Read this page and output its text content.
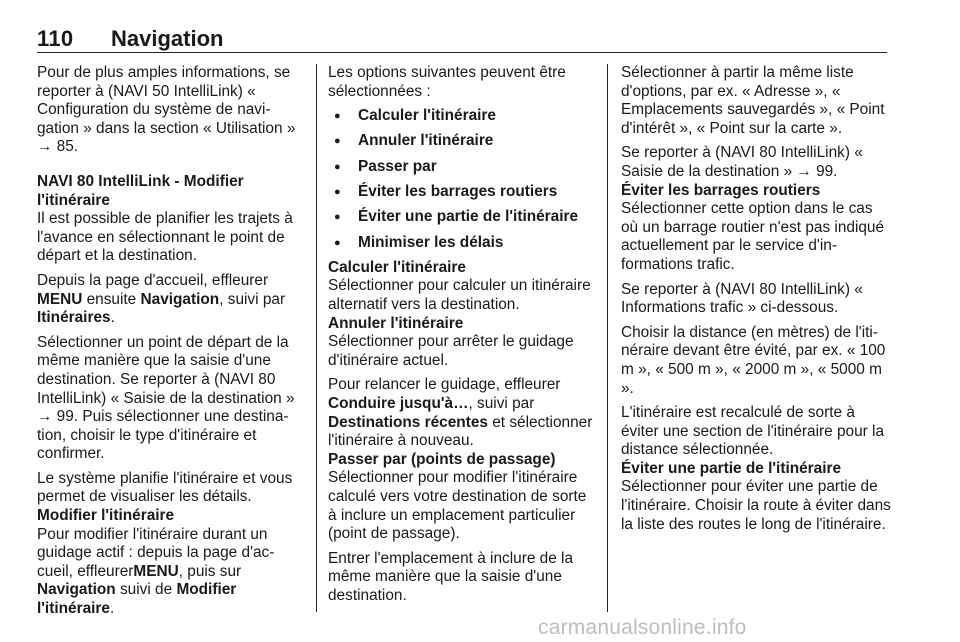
110 Navigation

Pour de plus amples informations, se reporter à (NAVI 50 IntelliLink) « Configuration du système de navigation » dans la section « Utilisation » → 85.

NAVI 80 IntelliLink - Modifier l'itinéraire

Il est possible de planifier les trajets à l'avance en sélectionnant le point de départ et la destination.

Depuis la page d'accueil, effleurer MENU ensuite Navigation, suivi par Itinéraires.

Sélectionner un point de départ de la même manière que la saisie d'une destination. Se reporter à (NAVI 80 IntelliLink) « Saisie de la destination » → 99. Puis sélectionner une destination, choisir le type d'itinéraire et confirmer.

Le système planifie l'itinéraire et vous permet de visualiser les détails.

Modifier l'itinéraire

Pour modifier l'itinéraire durant un guidage actif : depuis la page d'accueil, effleurerMENU, puis sur Navigation suivi de Modifier l'itinéraire.

Les options suivantes peuvent être sélectionnées :

● Calculer l'itinéraire
● Annuler l'itinéraire
● Passer par
● Éviter les barrages routiers
● Éviter une partie de l'itinéraire
● Minimiser les délais
Calculer l'itinéraire

Sélectionner pour calculer un itinéraire alternatif vers la destination.

Annuler l'itinéraire

Sélectionner pour arrêter le guidage d'itinéraire actuel.

Pour relancer le guidage, effleurer Conduire jusqu'à…, suivi par Destinations récentes et sélectionner l'itinéraire à nouveau.

Passer par (points de passage)

Sélectionner pour modifier l'itinéraire calculé vers votre destination de sorte à inclure un emplacement particulier (point de passage).

Entrer l'emplacement à inclure de la même manière que la saisie d'une destination.

Sélectionner à partir la même liste d'options, par ex. « Adresse », « Emplacements sauvegardés », « Point d'intérêt », « Point sur la carte ».

Se reporter à (NAVI 80 IntelliLink) « Saisie de la destination » → 99.

Éviter les barrages routiers

Sélectionner cette option dans le cas où un barrage routier n'est pas indiqué actuellement par le service d'informations trafic.

Se reporter à (NAVI 80 IntelliLink) « Informations trafic » ci-dessous.

Choisir la distance (en mètres) de l'itinéraire devant être évité, par ex. « 100 m », « 500 m », « 2000 m », « 5000 m ».

L'itinéraire est recalculé de sorte à éviter une section de l'itinéraire pour la distance sélectionnée.

Éviter une partie de l'itinéraire

Sélectionner pour éviter une partie de l'itinéraire. Choisir la route à éviter dans la liste des routes le long de l'itinéraire.

carmanualsonline.info
